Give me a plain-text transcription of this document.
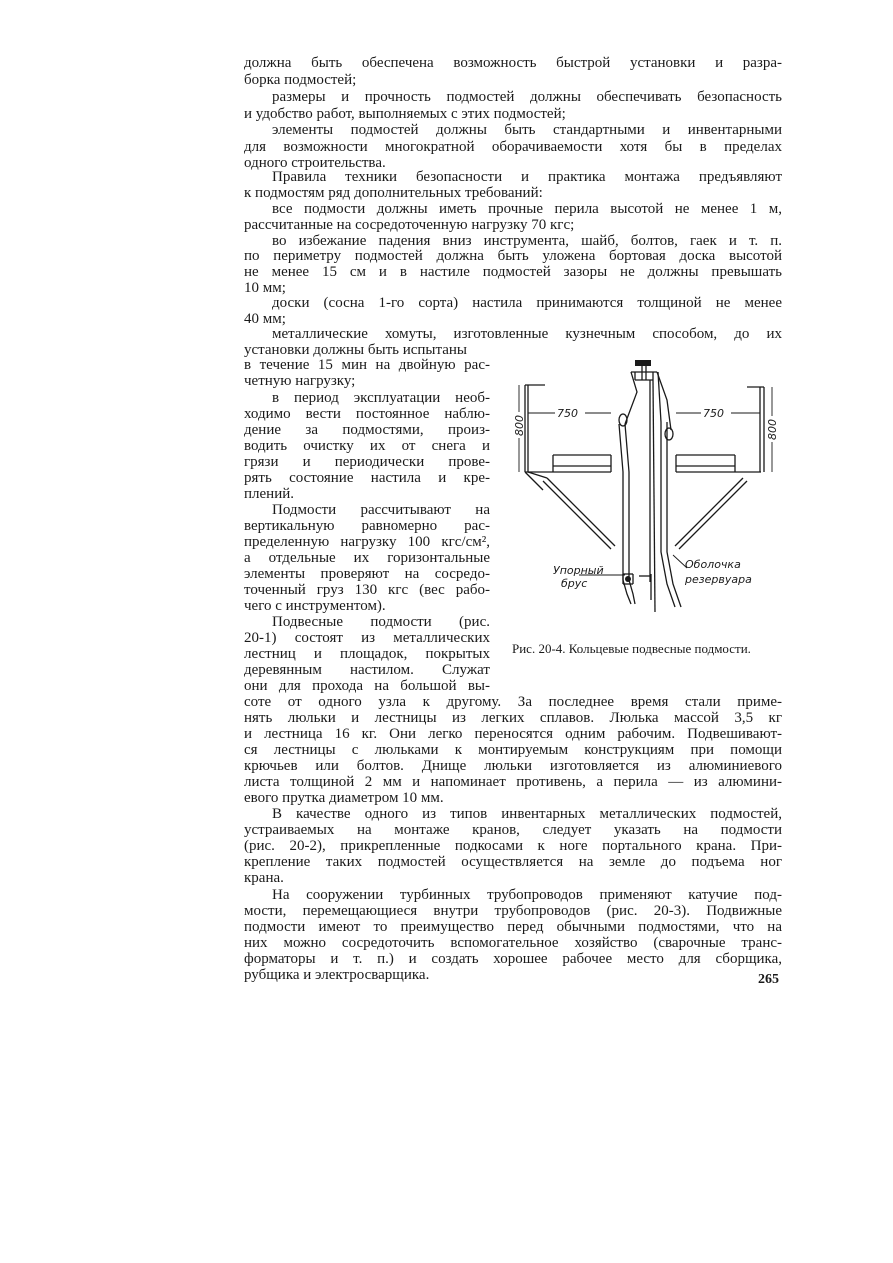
должна быть обеспечена возможность быстрой установки и разра-
борка подмостей;
размеры и прочность подмостей должны обеспечивать безопасность
и удобство работ, выполняемых с этих подмостей;
элементы подмостей должны быть стандартными и инвентарными
для возможности многократной оборачиваемости хотя бы в пределах
одного строительства.
Правила техники безопасности и практика монтажа предъявляют
к подмостям ряд дополнительных требований:
все подмости должны иметь прочные перила высотой не менее 1 м,
рассчитанные на сосредоточенную нагрузку 70 кгс;
во избежание падения вниз инструмента, шайб, болтов, гаек и т. п.
по периметру подмостей должна быть уложена бортовая доска высотой
не менее 15 см и в настиле подмостей зазоры не должны превышать
10 мм;
доски (сосна 1-го сорта) настила принимаются толщиной не менее
40 мм;
металлические хомуты, изготовленные кузнечным способом, до их
установки должны быть испытаны
в течение 15 мин на двойную рас-
четную нагрузку;
в период эксплуатации необ-
ходимо вести постоянное наблю-
дение за подмостями, произ-
водить очистку их от снега и
грязи и периодически прове-
рять состояние настила и кре-
плений.
Подмости рассчитывают на
вертикальную равномерно рас-
пределенную нагрузку 100 кгс/см²,
а отдельные их горизонтальные
элементы проверяют на сосредо-
точенный груз 130 кгс (вес рабо-
чего с инструментом).
Подвесные подмости (рис.
20-1) состоят из металлических
лестниц и площадок, покрытых
деревянным настилом. Служат
они для прохода на большой вы-
соте от одного узла к другому. За последнее время стали приме-
нять люльки и лестницы из легких сплавов. Люлька массой 3,5 кг
и лестница 16 кг. Они легко переносятся одним рабочим. Подвешивают-
ся лестницы с люльками к монтируемым конструкциям при помощи
крючьев или болтов. Днище люльки изготовляется из алюминиевого
листа толщиной 2 мм и напоминает противень, а перила — из алюмини-
евого прутка диаметром 10 мм.
В качестве одного из типов инвентарных металлических подмостей,
устраиваемых на монтаже кранов, следует указать на подмости
(рис. 20-2), прикрепленные подкосами к ноге портального крана. При-
крепление таких подмостей осуществляется на земле до подъема ног
крана.
На сооружении турбинных трубопроводов применяют катучие под-
мости, перемещающиеся внутри трубопроводов (рис. 20-3). Подвижные
подмости имеют то преимущество перед обычными подмостями, что на
них можно сосредоточить вспомогательное хозяйство (сварочные транс-
форматоры и т. п.) и создать хорошее рабочее место для сборщика,
рубщика и электросварщика.
750	750
800	800
Упорный
брус
Оболочка
резервуара
Рис. 20-4. Кольцевые подвесные подмости.
265
